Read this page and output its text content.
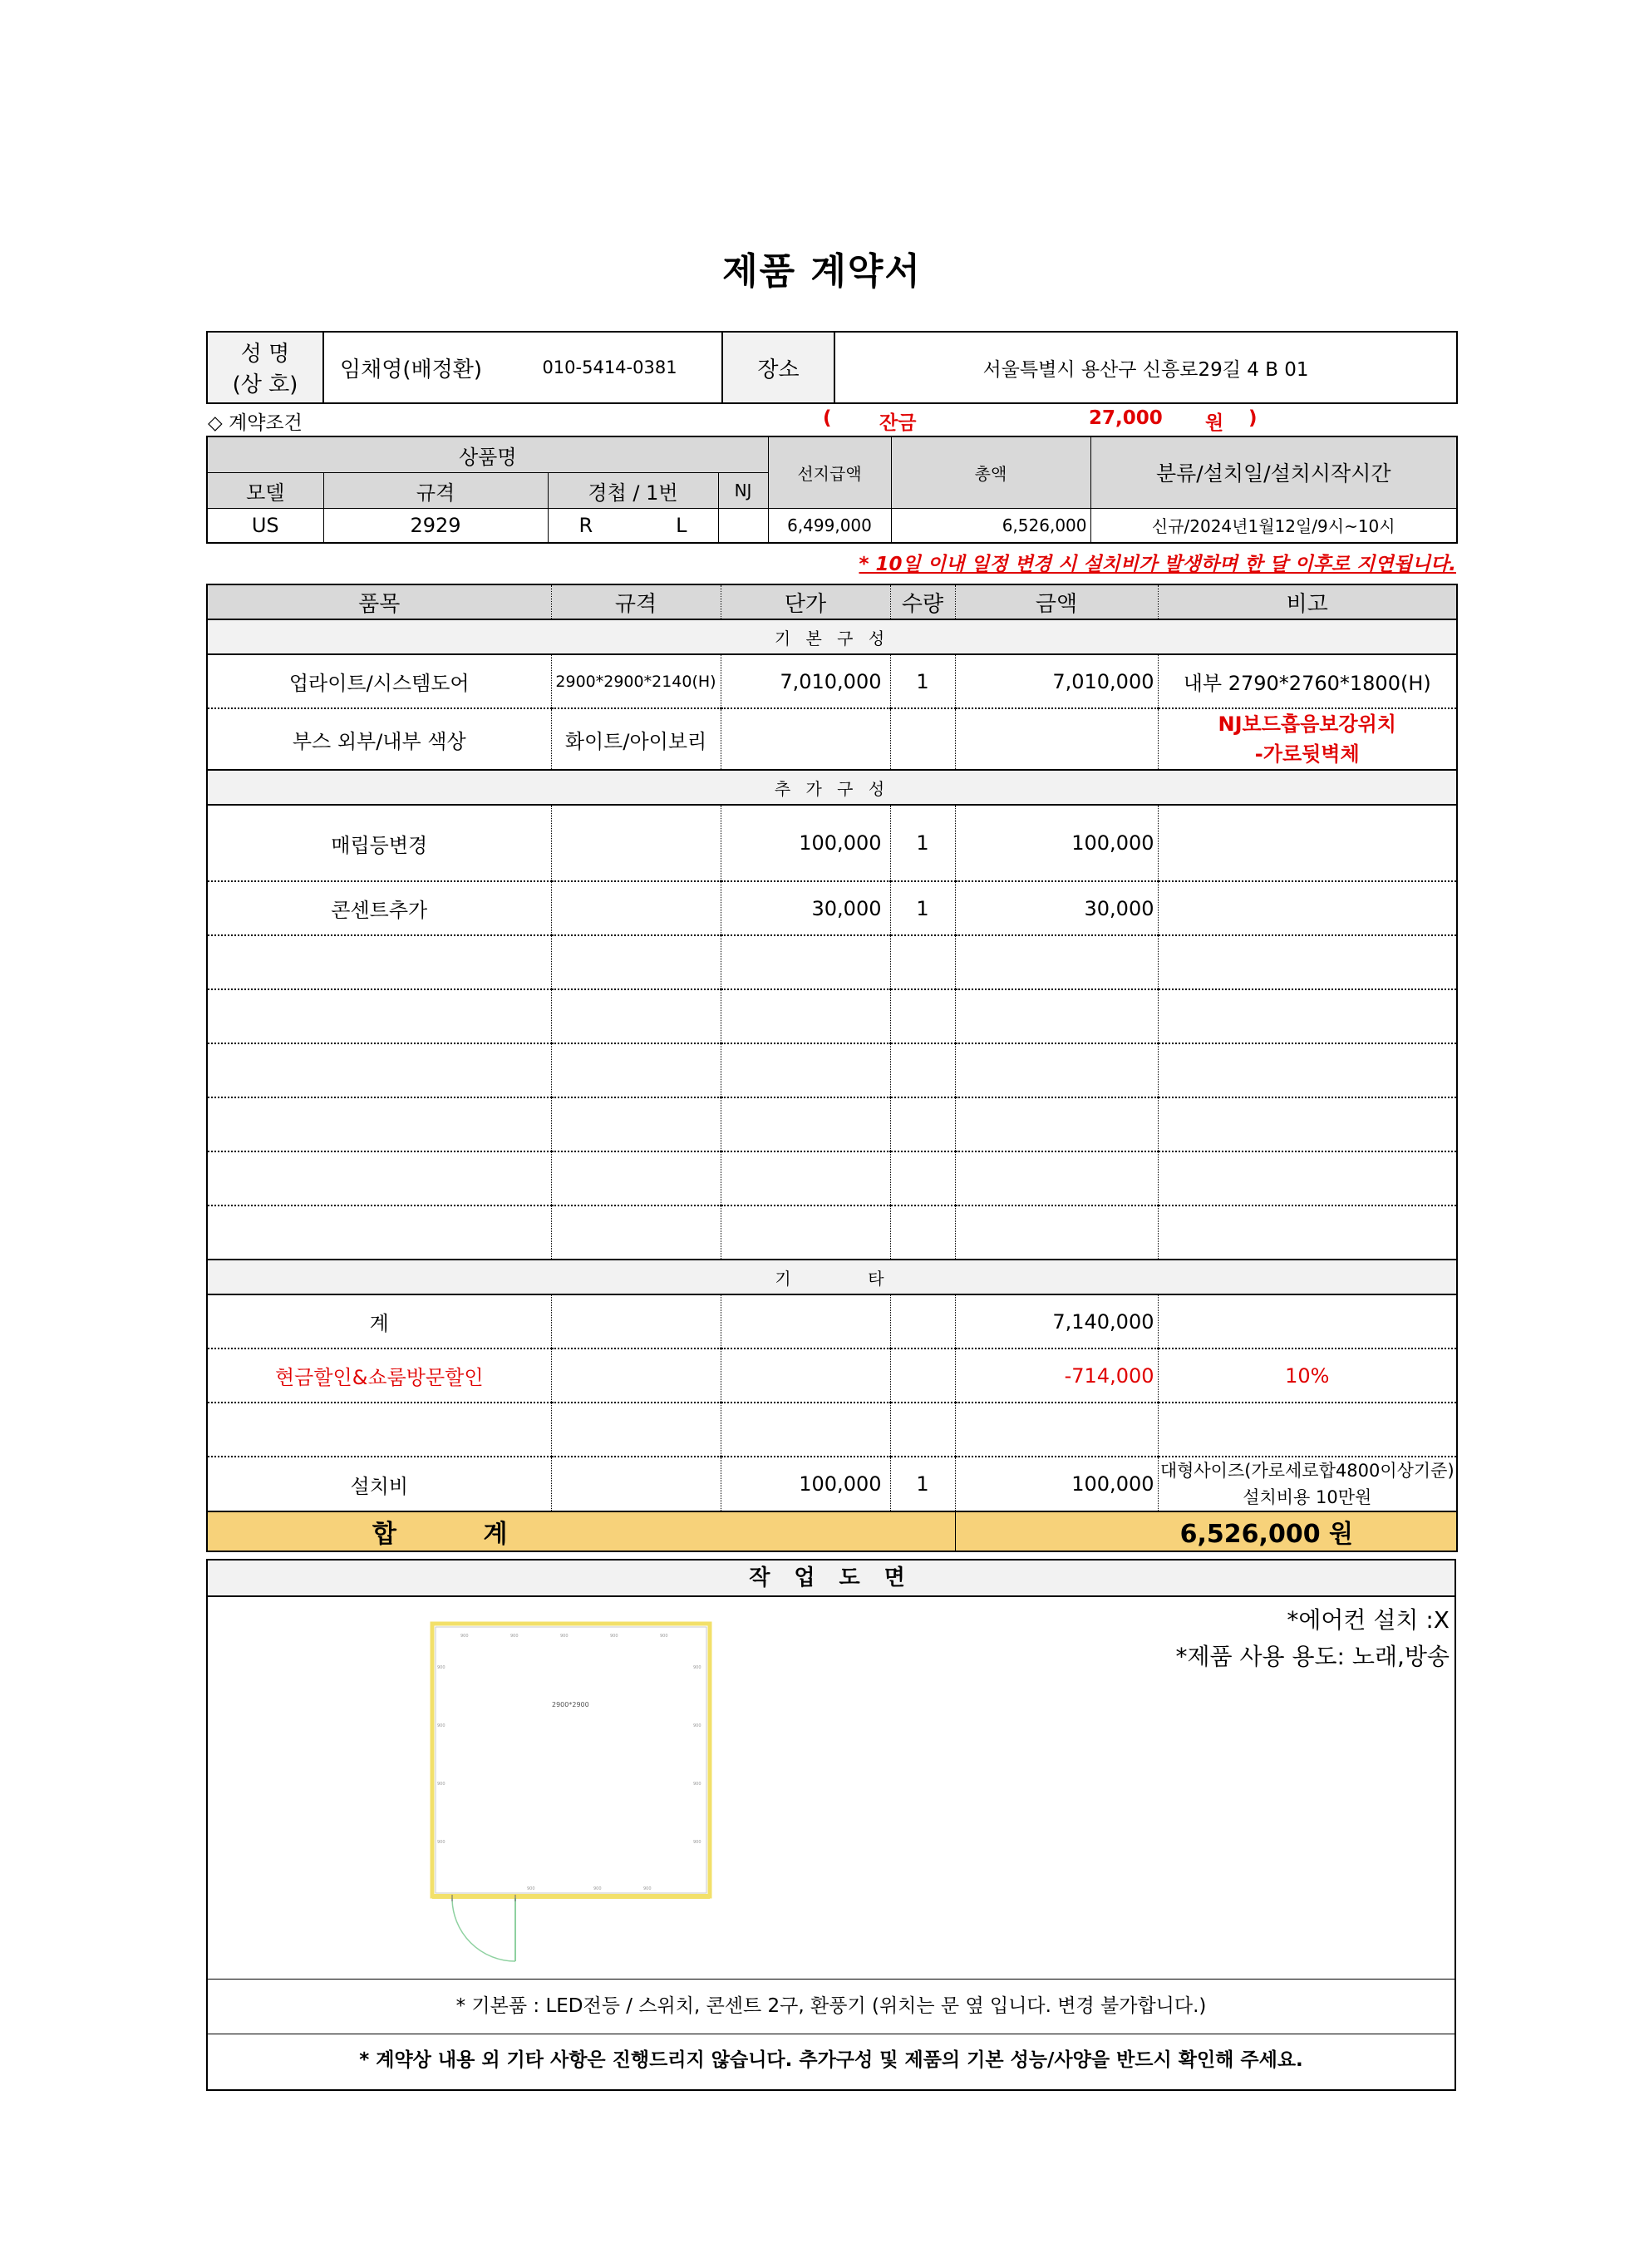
제품 계약서
성 명
(상 호)
	임채영(배정환)	010-5414-0381	장소	서울특별시 용산구 신흥로29길 4 B 01
◇ 계약조건	( 잔금	27,000 원 )
상품명				선지급액	총액	분류/설치일/설치시작시간
모델	규격	경첩 / 1번	NJ			
US	2929	R L		6,499,000	6,526,000	신규/2024년1월12일/9시~10시
* 10일 이내 일정 변경 시 설치비가 발생하며 한 달 이후로 지연됩니다.
품목	규격	단가	수량	금액	비고
기 본 구 성					
업라이트/시스템도어	2900*2900*2140(H)	7,010,000	1	7,010,000	내부 2790*2760*1800(H)
부스 외부/내부 색상	화이트/아이보리				NJ보드흡음보강위치
-가로뒷벽체
추 가 구 성					
매립등변경		100,000	1	100,000	
콘센트추가		30,000	1	30,000	

기       타					
계				7,140,000	
현금할인&쇼룸방문할인				-714,000	10%

설치비		100,000	1	100,000	대형사이즈(가로세로합4800이상기준)
설치비용 10만원

합          계				6,526,000 원	
작 업 도 면
900	900	900	900	900
900
900
900
900
900
900
900
900
900	900	900
2900*2900
*에어컨 설치 :X
*제품 사용 용도: 노래,방송
* 기본품 : LED전등 / 스위치, 콘센트 2구, 환풍기 (위치는 문 옆 입니다. 변경 불가합니다.)
* 계약상 내용 외 기타 사항은 진행드리지 않습니다. 추가구성 및 제품의 기본 성능/사양을 반드시 확인해 주세요.
